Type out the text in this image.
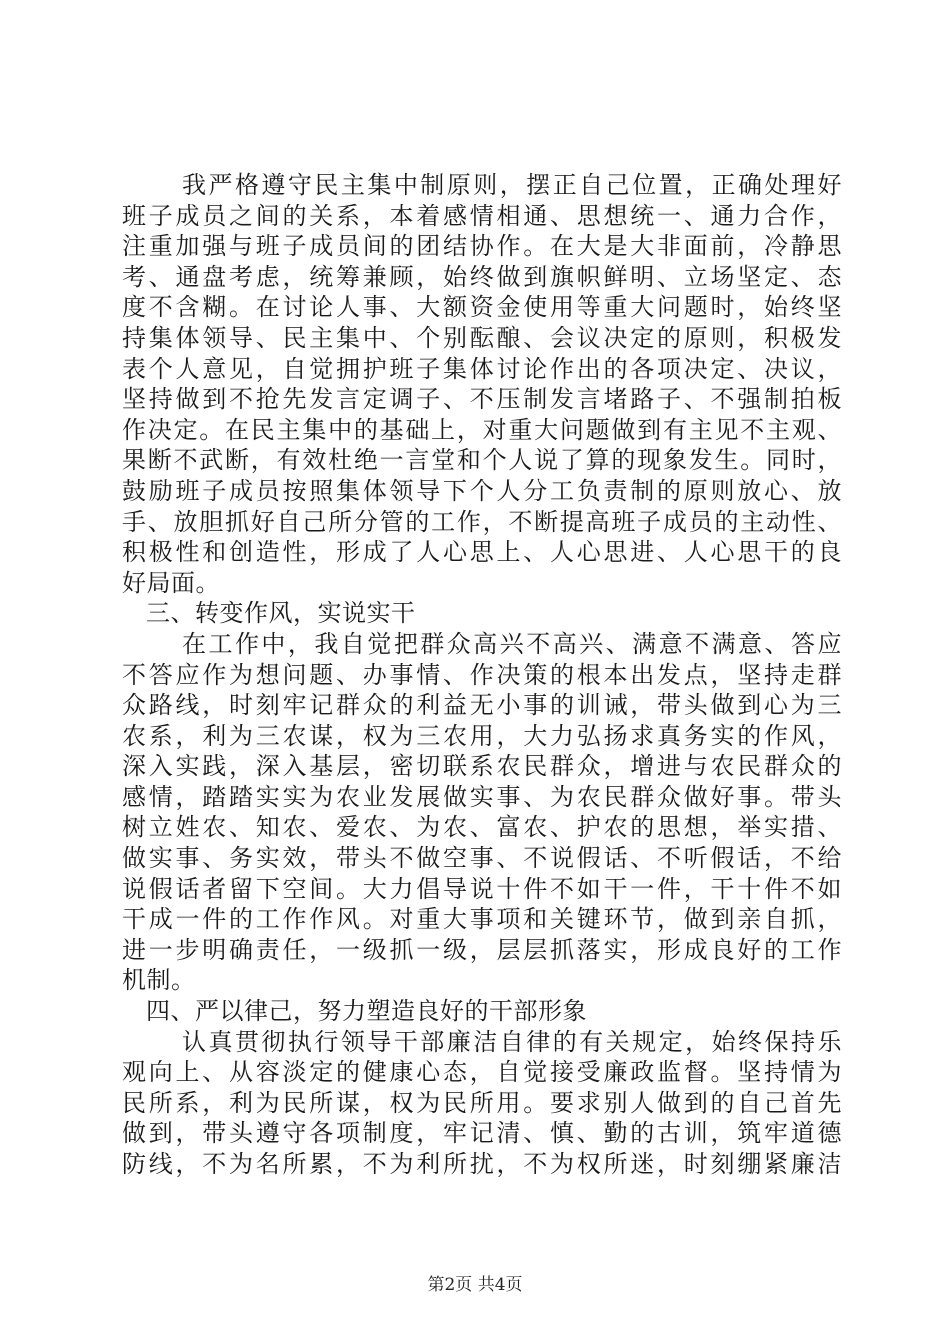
我严格遵守民主集中制原则，摆正自己位置，正确处理好
班子成员之间的关系，本着感情相通、思想统一、通力合作，
注重加强与班子成员间的团结协作。在大是大非面前，冷静思
考、通盘考虑，统筹兼顾，始终做到旗帜鲜明、立场坚定、态
度不含糊。在讨论人事、大额资金使用等重大问题时，始终坚
持集体领导、民主集中、个别酝酿、会议决定的原则，积极发
表个人意见，自觉拥护班子集体讨论作出的各项决定、决议，
坚持做到不抢先发言定调子、不压制发言堵路子、不强制拍板
作决定。在民主集中的基础上，对重大问题做到有主见不主观、
果断不武断，有效杜绝一言堂和个人说了算的现象发生。同时，
鼓励班子成员按照集体领导下个人分工负责制的原则放心、放
手、放胆抓好自己所分管的工作，不断提高班子成员的主动性、
积极性和创造性，形成了人心思上、人心思进、人心思干的良
好局面。
三、转变作风，实说实干
在工作中，我自觉把群众高兴不高兴、满意不满意、答应
不答应作为想问题、办事情、作决策的根本出发点，坚持走群
众路线，时刻牢记群众的利益无小事的训诫，带头做到心为三
农系，利为三农谋，权为三农用，大力弘扬求真务实的作风，
深入实践，深入基层，密切联系农民群众，增进与农民群众的
感情，踏踏实实为农业发展做实事、为农民群众做好事。带头
树立姓农、知农、爱农、为农、富农、护农的思想，举实措、
做实事、务实效，带头不做空事、不说假话、不听假话，不给
说假话者留下空间。大力倡导说十件不如干一件，干十件不如
干成一件的工作作风。对重大事项和关键环节，做到亲自抓，
进一步明确责任，一级抓一级，层层抓落实，形成良好的工作
机制。
四、严以律己，努力塑造良好的干部形象
认真贯彻执行领导干部廉洁自律的有关规定，始终保持乐
观向上、从容淡定的健康心态，自觉接受廉政监督。坚持情为
民所系，利为民所谋，权为民所用。要求别人做到的自己首先
做到，带头遵守各项制度，牢记清、慎、勤的古训，筑牢道德
防线，不为名所累，不为利所扰，不为权所迷，时刻绷紧廉洁
第2页 共4页
